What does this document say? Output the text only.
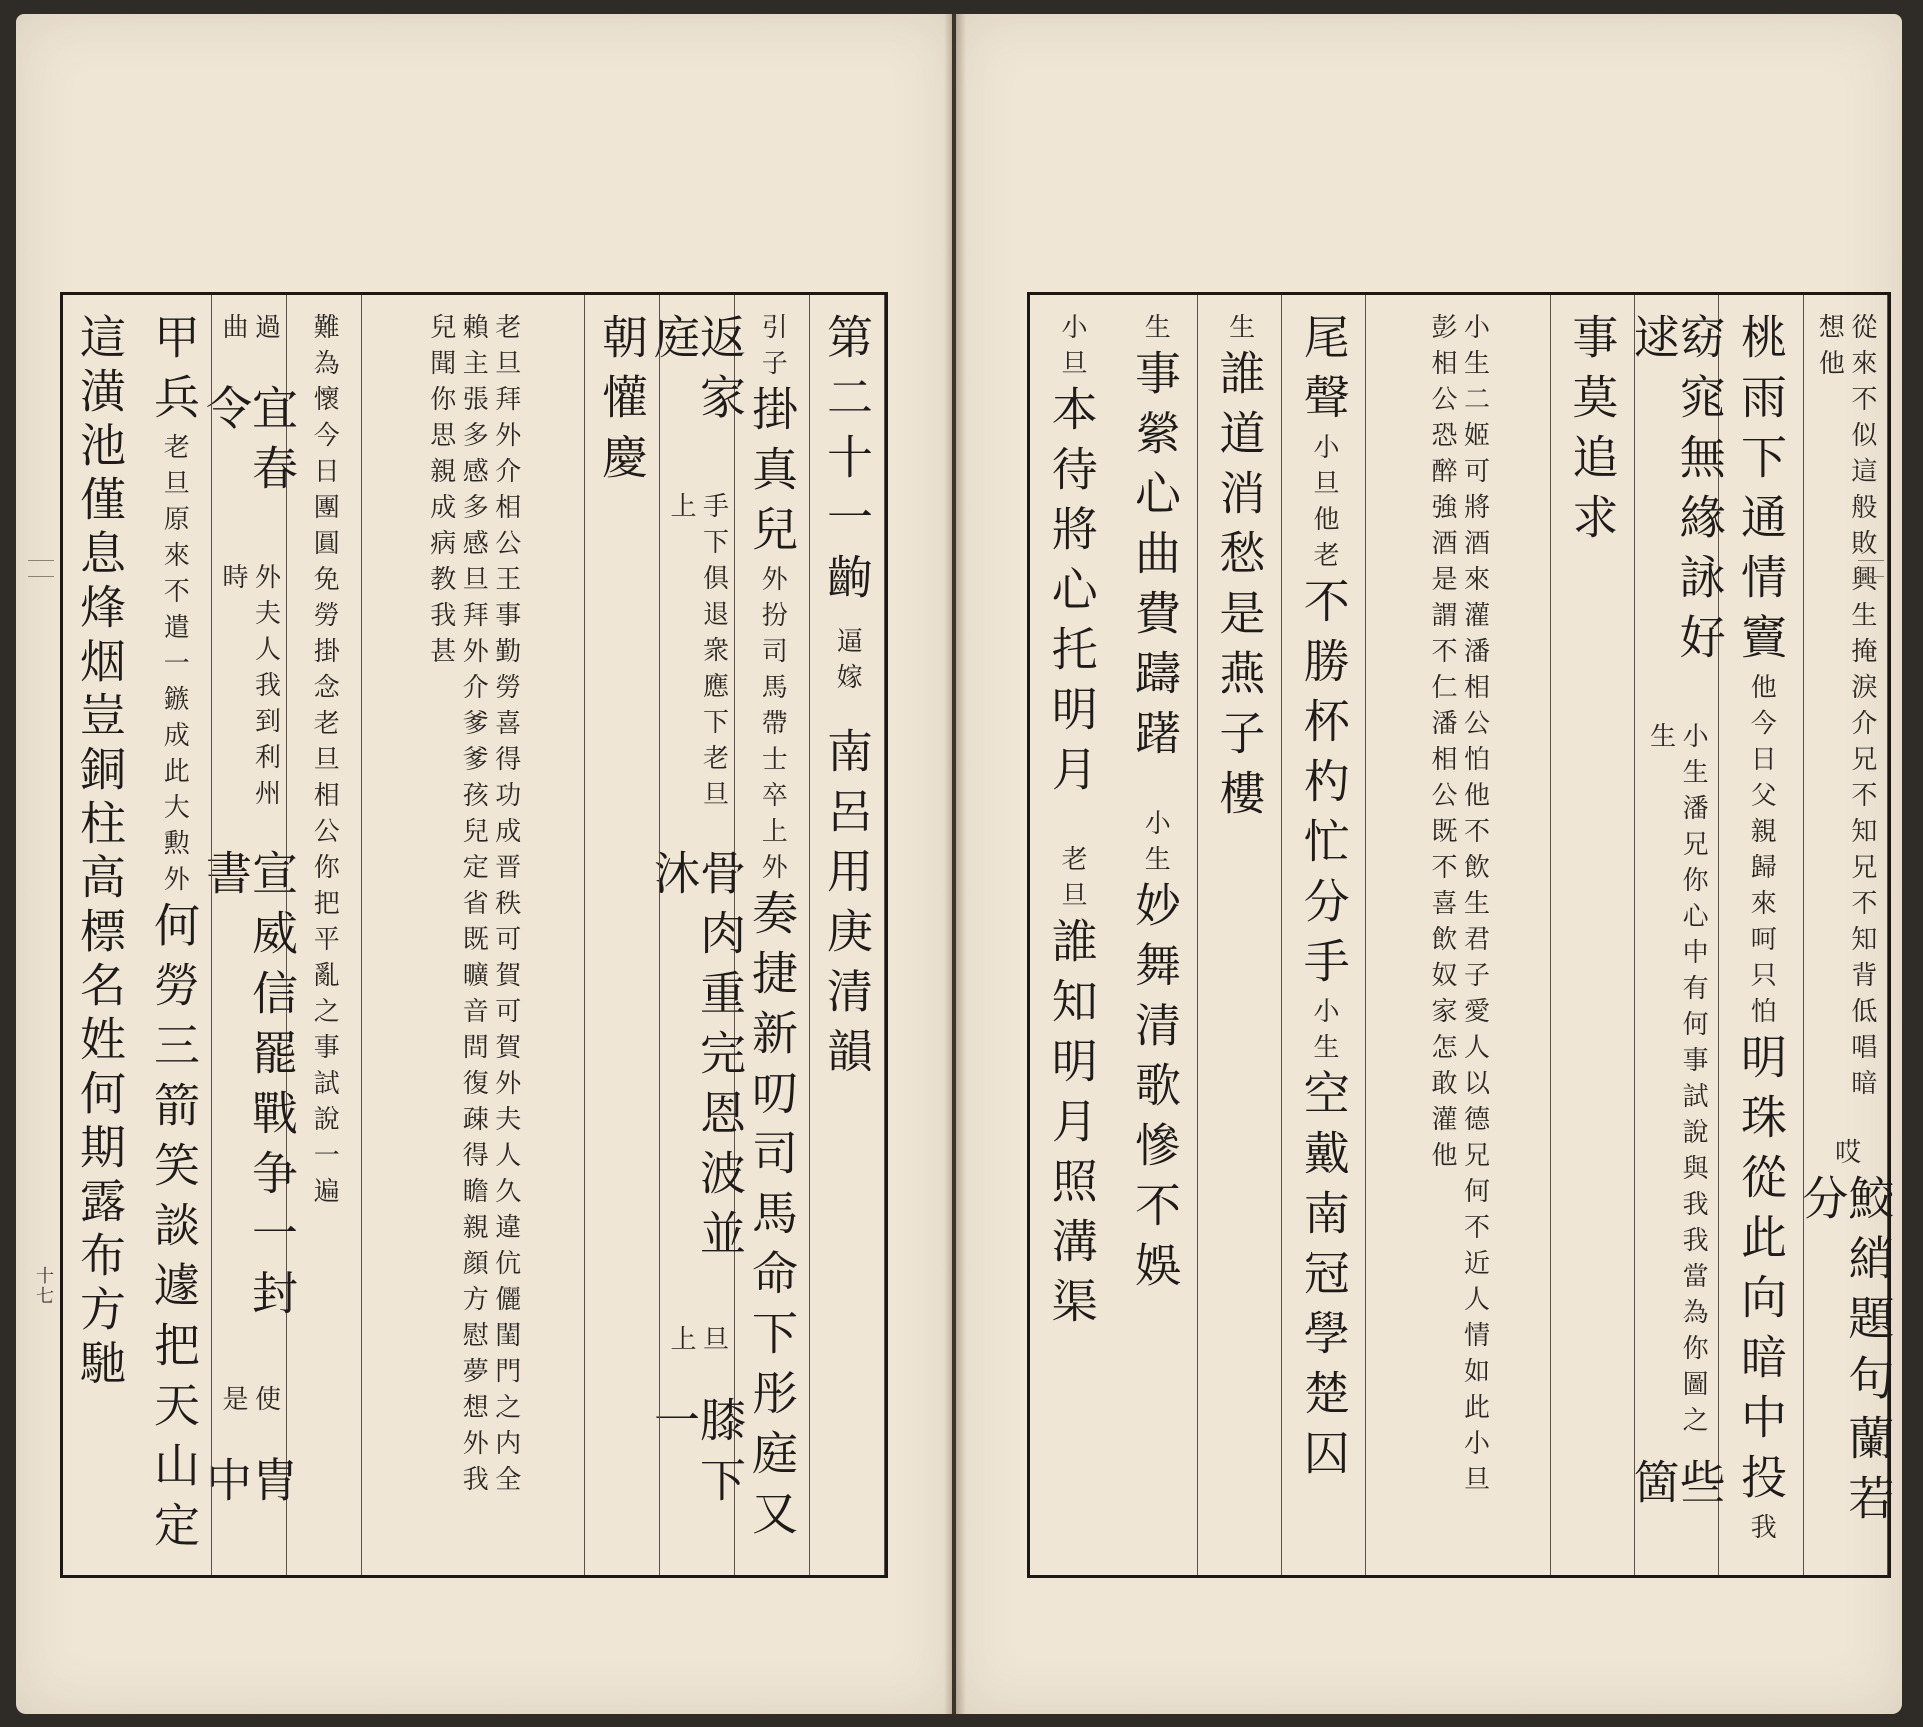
第二十一齣
逼嫁
南呂用庚清韻
引子
掛真兒
外扮司馬帶士卒上外
奏捷新叨司馬命下彤庭又
返家庭
手下俱退衆應下老旦上
骨肉重完恩波並沐
旦上
膝下一
朝懽慶
老旦拜外介相公王事勤勞喜得功成晋秩可賀可賀外夫人久違伉儷閨門之内全賴主張多感多感旦拜外介爹爹孩兒定省既曠音問復疎得瞻親顔方慰夢想外我兒聞你思親成病教我甚
難為懷今日團圓免勞掛念老旦相公你把平亂之事試說一遍
過曲
宜春令
外夫人我到利州時
宣威信罷戰争一封書
使是
胄中
甲兵
老旦原來不遣一鏃成此大勲外
何勞三箭笑談遽把天山定
這潢池僅息烽烟豈銅柱高標名姓何期露布方馳
十七
從來不似這般敗興生掩淚介兄不知兄不知背低唱暗想他
哎
鮫綃題句蘭若分
桃雨下通情竇
他今日父親歸來呵只怕
明珠從此向暗中投
我
窈窕無緣詠好逑
小生潘兄你心中有何事試說與我我當為你圖之生
些箇
事莫追求
小生二姬可將酒來灌潘相公怕他不飲生君子愛人以德兄何不近人情如此小旦彭相公恐醉強酒是謂不仁潘相公既不喜飲奴家怎敢灌他
尾聲
小旦他老
不勝杯杓忙分手
小生
空戴南冠學楚囚
生
誰道消愁是燕子樓
生
事縈心曲費躊躇
小生
妙舞清歌慘不娛
小旦
本待將心托明月
老旦
誰知明月照溝渠
